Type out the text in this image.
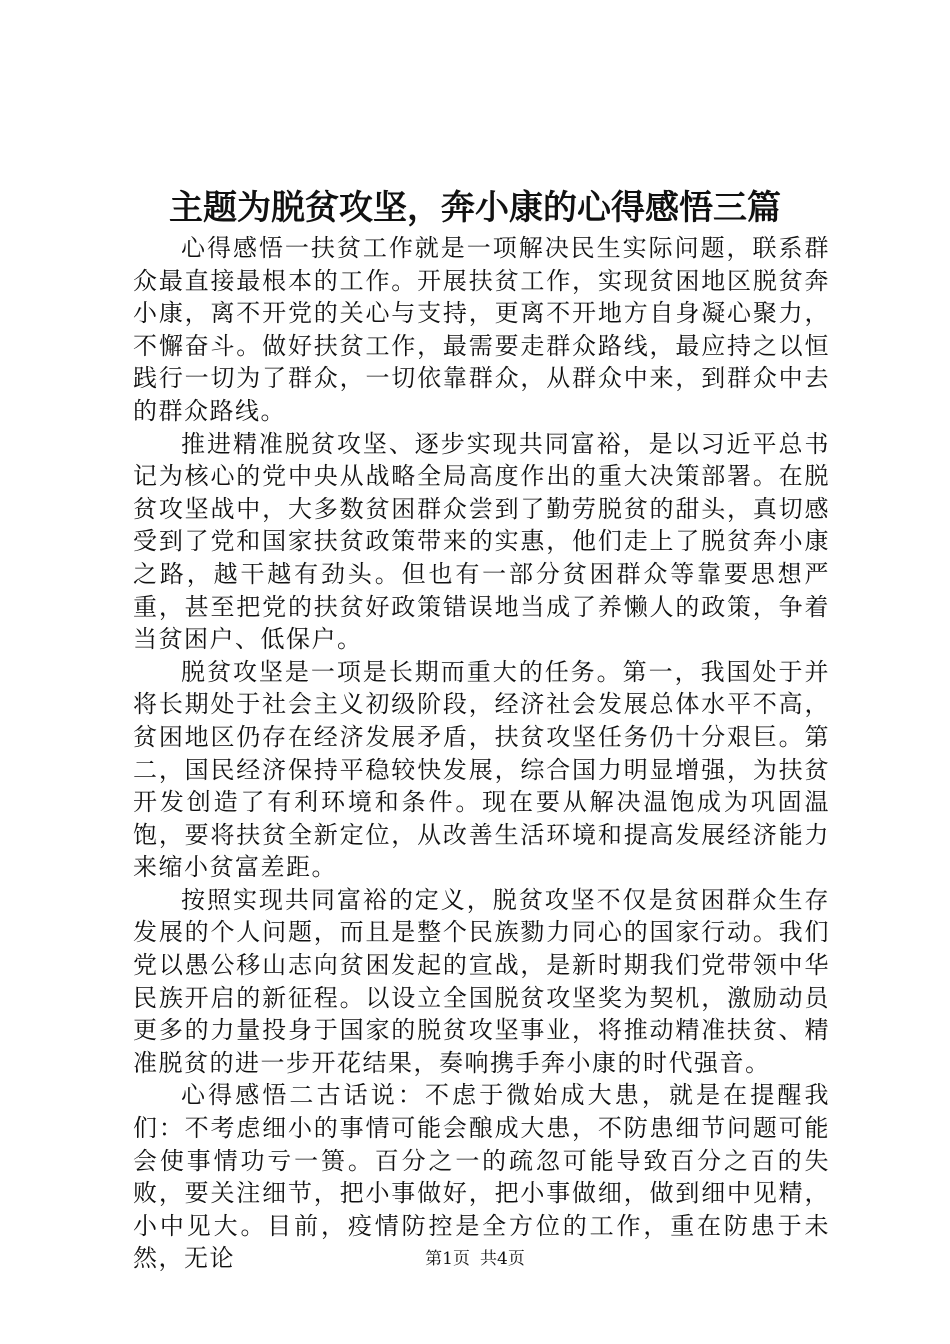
主题为脱贫攻坚，奔小康的心得感悟三篇

心得感悟一扶贫工作就是一项解决民生实际问题，联系群众最直接最根本的工作。开展扶贫工作，实现贫困地区脱贫奔小康，离不开党的关心与支持，更离不开地方自身凝心聚力，不懈奋斗。做好扶贫工作，最需要走群众路线，最应持之以恒践行一切为了群众，一切依靠群众，从群众中来，到群众中去的群众路线。

推进精准脱贫攻坚、逐步实现共同富裕，是以习近平总书记为核心的党中央从战略全局高度作出的重大决策部署。在脱贫攻坚战中，大多数贫困群众尝到了勤劳脱贫的甜头，真切感受到了党和国家扶贫政策带来的实惠，他们走上了脱贫奔小康之路，越干越有劲头。但也有一部分贫困群众等靠要思想严重，甚至把党的扶贫好政策错误地当成了养懒人的政策，争着当贫困户、低保户。

脱贫攻坚是一项是长期而重大的任务。第一，我国处于并将长期处于社会主义初级阶段，经济社会发展总体水平不高，贫困地区仍存在经济发展矛盾，扶贫攻坚任务仍十分艰巨。第二，国民经济保持平稳较快发展，综合国力明显增强，为扶贫开发创造了有利环境和条件。现在要从解决温饱成为巩固温饱，要将扶贫全新定位，从改善生活环境和提高发展经济能力来缩小贫富差距。

按照实现共同富裕的定义，脱贫攻坚不仅是贫困群众生存发展的个人问题，而且是整个民族勠力同心的国家行动。我们党以愚公移山志向贫困发起的宣战，是新时期我们党带领中华民族开启的新征程。以设立全国脱贫攻坚奖为契机，激励动员更多的力量投身于国家的脱贫攻坚事业，将推动精准扶贫、精准脱贫的进一步开花结果，奏响携手奔小康的时代强音。

心得感悟二古话说：不虑于微始成大患，就是在提醒我们：不考虑细小的事情可能会酿成大患，不防患细节问题可能会使事情功亏一篑。百分之一的疏忽可能导致百分之百的失败，要关注细节，把小事做好，把小事做细，做到细中见精，小中见大。目前，疫情防控是全方位的工作，重在防患于未然，无论	第1页 共4页
